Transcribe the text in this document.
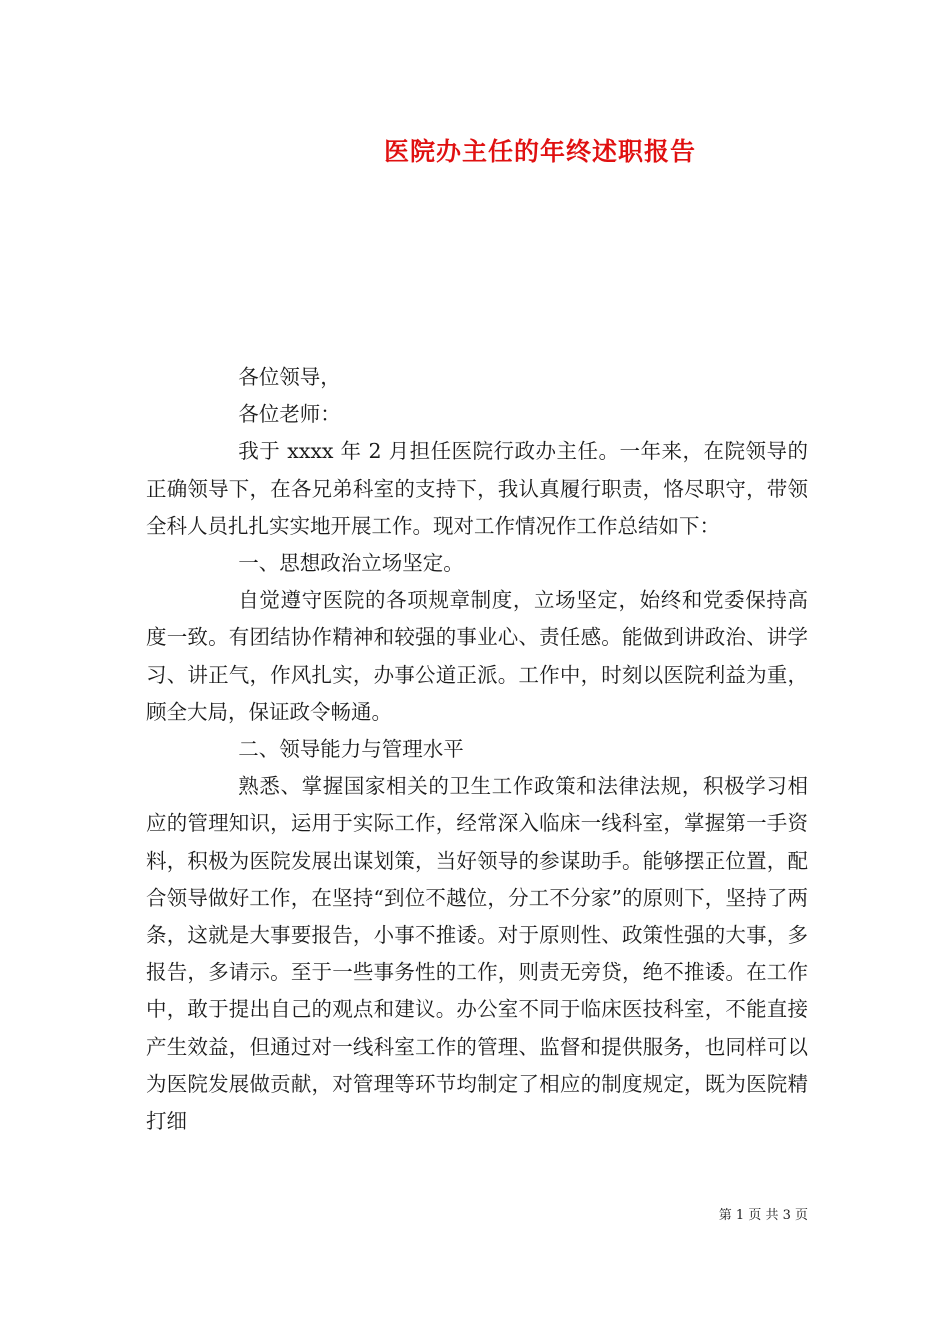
医院办主任的年终述职报告

各位领导，

各位老师：

我于 xxxx 年 2 月担任医院行政办主任。一年来，在院领导的正确领导下，在各兄弟科室的支持下，我认真履行职责，恪尽职守，带领全科人员扎扎实实地开展工作。现对工作情况作工作总结如下：

一、思想政治立场坚定。

自觉遵守医院的各项规章制度，立场坚定，始终和党委保持高度一致。有团结协作精神和较强的事业心、责任感。能做到讲政治、讲学习、讲正气，作风扎实，办事公道正派。工作中，时刻以医院利益为重，顾全大局，保证政令畅通。

二、领导能力与管理水平

熟悉、掌握国家相关的卫生工作政策和法律法规，积极学习相应的管理知识，运用于实际工作，经常深入临床一线科室，掌握第一手资料，积极为医院发展出谋划策，当好领导的参谋助手。能够摆正位置，配合领导做好工作，在坚持“到位不越位，分工不分家”的原则下，坚持了两条，这就是大事要报告，小事不推诿。对于原则性、政策性强的大事，多报告，多请示。至于一些事务性的工作，则责无旁贷，绝不推诿。在工作中，敢于提出自己的观点和建议。办公室不同于临床医技科室，不能直接产生效益，但通过对一线科室工作的管理、监督和提供服务，也同样可以为医院发展做贡献，对管理等环节均制定了相应的制度规定，既为医院精打细

第 1 页 共 3 页
